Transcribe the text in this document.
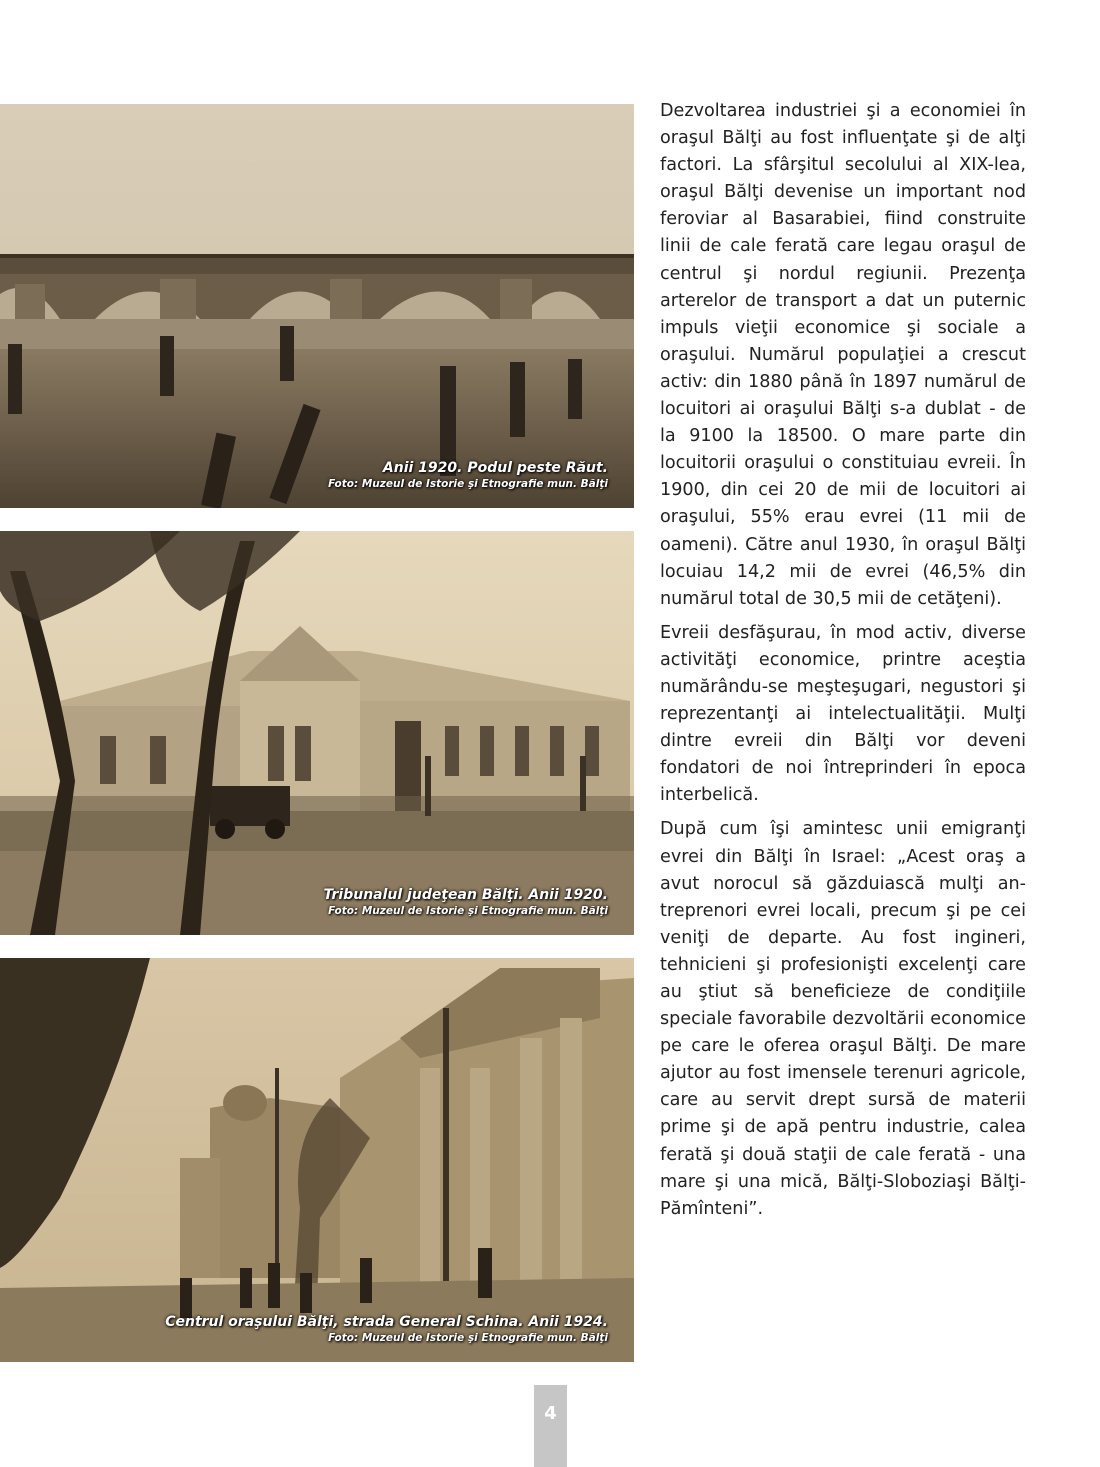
Anii 1920. Podul peste Răut.
Foto: Muzeul de Istorie şi Etnografie mun. Bălţi
Tribunalul judeţean Bălţi. Anii 1920.
Foto: Muzeul de Istorie şi Etnografie mun. Bălţi
Centrul oraşului Bălţi, strada General Schina. Anii 1924.
Foto: Muzeul de Istorie şi Etnografie mun. Bălţi

Dezvoltarea industriei şi a economiei în oraşul Bălţi au fost influenţate şi de alţi factori. La sfârşitul secolului al XIX-lea, oraşul Bălţi devenise un important nod feroviar al Basarabiei, fiind construite linii de cale ferată care legau oraşul de centrul şi nordul regiunii. Prezenţa arterelor de transport a dat un puternic impuls vieţii economice şi sociale a oraşului. Numărul populaţiei a crescut activ: din 1880 până în 1897 numărul de locuitori ai oraşului Bălţi s-a dublat - de la 9100 la 18500. O mare parte din locuitorii oraşului o constituiau evreii. În 1900, din cei 20 de mii de locuitori ai oraşului, 55% erau evrei (11 mii de oameni). Către anul 1930, în oraşul Bălţi locuiau 14,2 mii de evrei (46,5% din numărul total de 30,5 mii de cetăţeni).

Evreii desfăşurau, în mod activ, diverse activităţi economice, printre aceştia numărându-se meşteşugari, negustori şi reprezentanţi ai intelectualităţii. Mulţi dintre evreii din Bălţi vor deveni fondatori de noi întreprinderi în epoca interbelică.

După cum îşi amintesc unii emigranţi evrei din Bălţi în Israel: „Acest oraş a avut norocul să găzduiască mulţi antreprenori evrei locali, precum şi pe cei veniţi de departe. Au fost ingineri, tehnicieni şi profesionişti excelenţi care au ştiut să beneficieze de condiţiile speciale favorabile dezvoltării economice pe care le oferea oraşul Bălţi. De mare ajutor au fost imensele terenuri agricole, care au servit drept sursă de materii prime şi de apă pentru industrie, calea ferată şi două staţii de cale ferată - una mare şi una mică, Bălţi-Sloboziaşi Bălţi-Pămînteni”.

4
